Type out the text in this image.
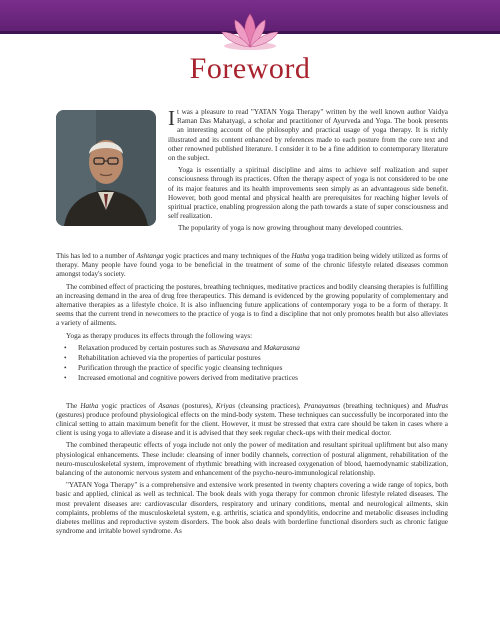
Foreword

It was a pleasure to read "YATAN Yoga Therapy" written by the well known author Vaidya Raman Das Mahatyagi, a scholar and practitioner of Ayurveda and Yoga. The book presents an interesting account of the philosophy and practical usage of yoga therapy. It is richly illustrated and its content enhanced by references made to each posture from the core text and other renowned published literature. I consider it to be a fine addition to contemporary literature on the subject.

Yoga is essentially a spiritual discipline and aims to achieve self realization and super consciousness through its practices. Often the therapy aspect of yoga is not considered to be one of its major features and its health improvements seen simply as an advantageous side benefit. However, both good mental and physical health are prerequisites for reaching higher levels of spiritual practice, enabling progression along the path towards a state of super consciousness and self realization.

The popularity of yoga is now growing throughout many developed countries.

This has led to a number of Ashtanga yogic practices and many techniques of the Hatha yoga tradition being widely utilized as forms of therapy. Many people have found yoga to be beneficial in the treatment of some of the chronic lifestyle related diseases common amongst today's society.

The combined effect of practicing the postures, breathing techniques, meditative practices and bodily cleansing therapies is fulfilling an increasing demand in the area of drug free therapeutics. This demand is evidenced by the growing popularity of complementary and alternative therapies as a lifestyle choice. It is also influencing future applications of contemporary yoga to be a form of therapy. It seems that the current trend in newcomers to the practice of yoga is to find a discipline that not only promotes health but also alleviates a variety of ailments.

Yoga as therapy produces its effects through the following ways:

• Relaxation produced by certain postures such as Shavasana and Makarasana
• Rehabilitation achieved via the properties of particular postures
• Purification through the practice of specific yogic cleansing techniques
• Increased emotional and cognitive powers derived from meditative practices

The Hatha yogic practices of Asanas (postures), Kriyas (cleansing practices), Pranayamas (breathing techniques) and Mudras (gestures) produce profound physiological effects on the mind-body system. These techniques can successfully be incorporated into the clinical setting to attain maximum benefit for the client. However, it must be stressed that extra care should be taken in cases where a client is using yoga to alleviate a disease and it is advised that they seek regular check-ups with their medical doctor.

The combined therapeutic effects of yoga include not only the power of meditation and resultant spiritual upliftment but also many physiological enhancements. These include: cleansing of inner bodily channels, correction of postural alignment, rehabilitation of the neuro-musculoskeletal system, improvement of rhythmic breathing with increased oxygenation of blood, haemodynamic stabilization, balancing of the autonomic nervous system and enhancement of the psycho-neuro-immunological relationship.

"YATAN Yoga Therapy" is a comprehensive and extensive work presented in twenty chapters covering a wide range of topics, both basic and applied, clinical as well as technical. The book deals with yoga therapy for common chronic lifestyle related diseases. The most prevalent diseases are: cardiovascular disorders, respiratory and urinary conditions, mental and neurological ailments, skin complaints, problems of the musculoskeletal system, e.g. arthritis, sciatica and spondylitis, endocrine and metabolic diseases including diabetes mellitus and reproductive system disorders. The book also deals with borderline functional disorders such as chronic fatigue syndrome and irritable bowel syndrome. As
